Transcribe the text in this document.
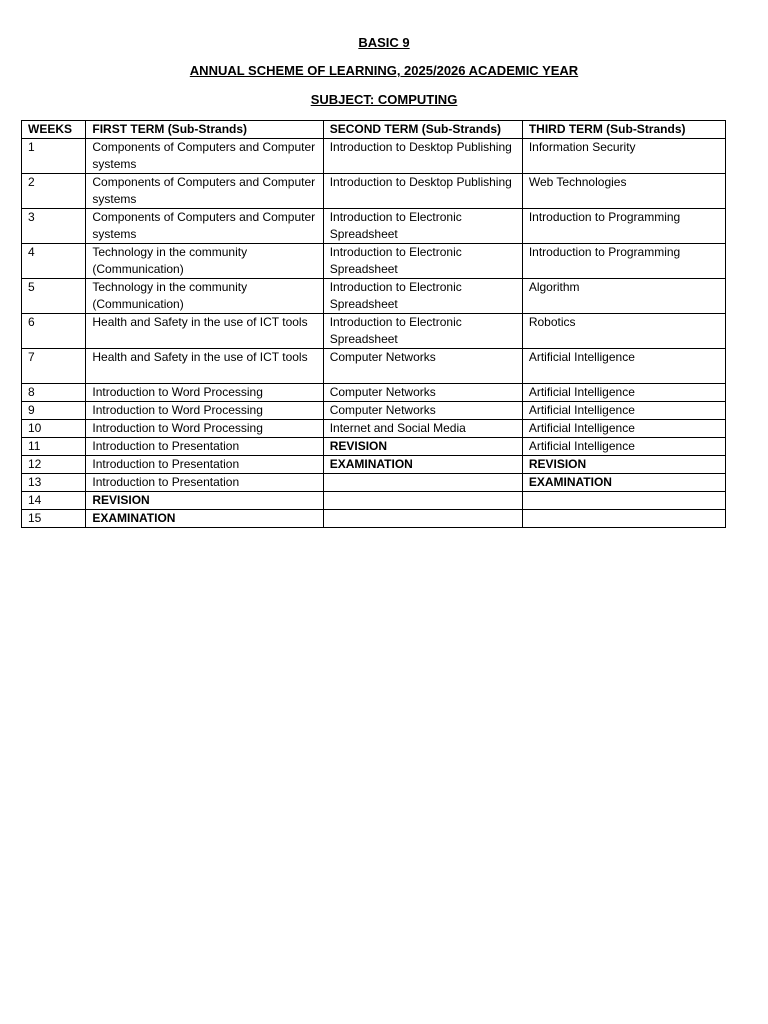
BASIC 9
ANNUAL SCHEME OF LEARNING, 2025/2026 ACADEMIC YEAR
SUBJECT: COMPUTING
WEEKS	FIRST TERM (Sub-Strands)	SECOND TERM (Sub-Strands)	THIRD TERM (Sub-Strands)
1	Components of Computers and Computer systems	Introduction to Desktop Publishing	Information Security
2	Components of Computers and Computer systems	Introduction to Desktop Publishing	Web Technologies
3	Components of Computers and Computer systems	Introduction to Electronic Spreadsheet	Introduction to Programming
4	Technology in the community (Communication)	Introduction to Electronic Spreadsheet	Introduction to Programming
5	Technology in the community (Communication)	Introduction to Electronic Spreadsheet	Algorithm
6	Health and Safety in the use of ICT tools	Introduction to Electronic Spreadsheet	Robotics
7	Health and Safety in the use of ICT tools	Computer Networks	Artificial Intelligence
8	Introduction to Word Processing	Computer Networks	Artificial Intelligence
9	Introduction to Word Processing	Computer Networks	Artificial Intelligence
10	Introduction to Word Processing	Internet and Social Media	Artificial Intelligence
11	Introduction to Presentation	REVISION	Artificial Intelligence
12	Introduction to Presentation	EXAMINATION	REVISION
13	Introduction to Presentation		EXAMINATION
14	REVISION		
15	EXAMINATION		
